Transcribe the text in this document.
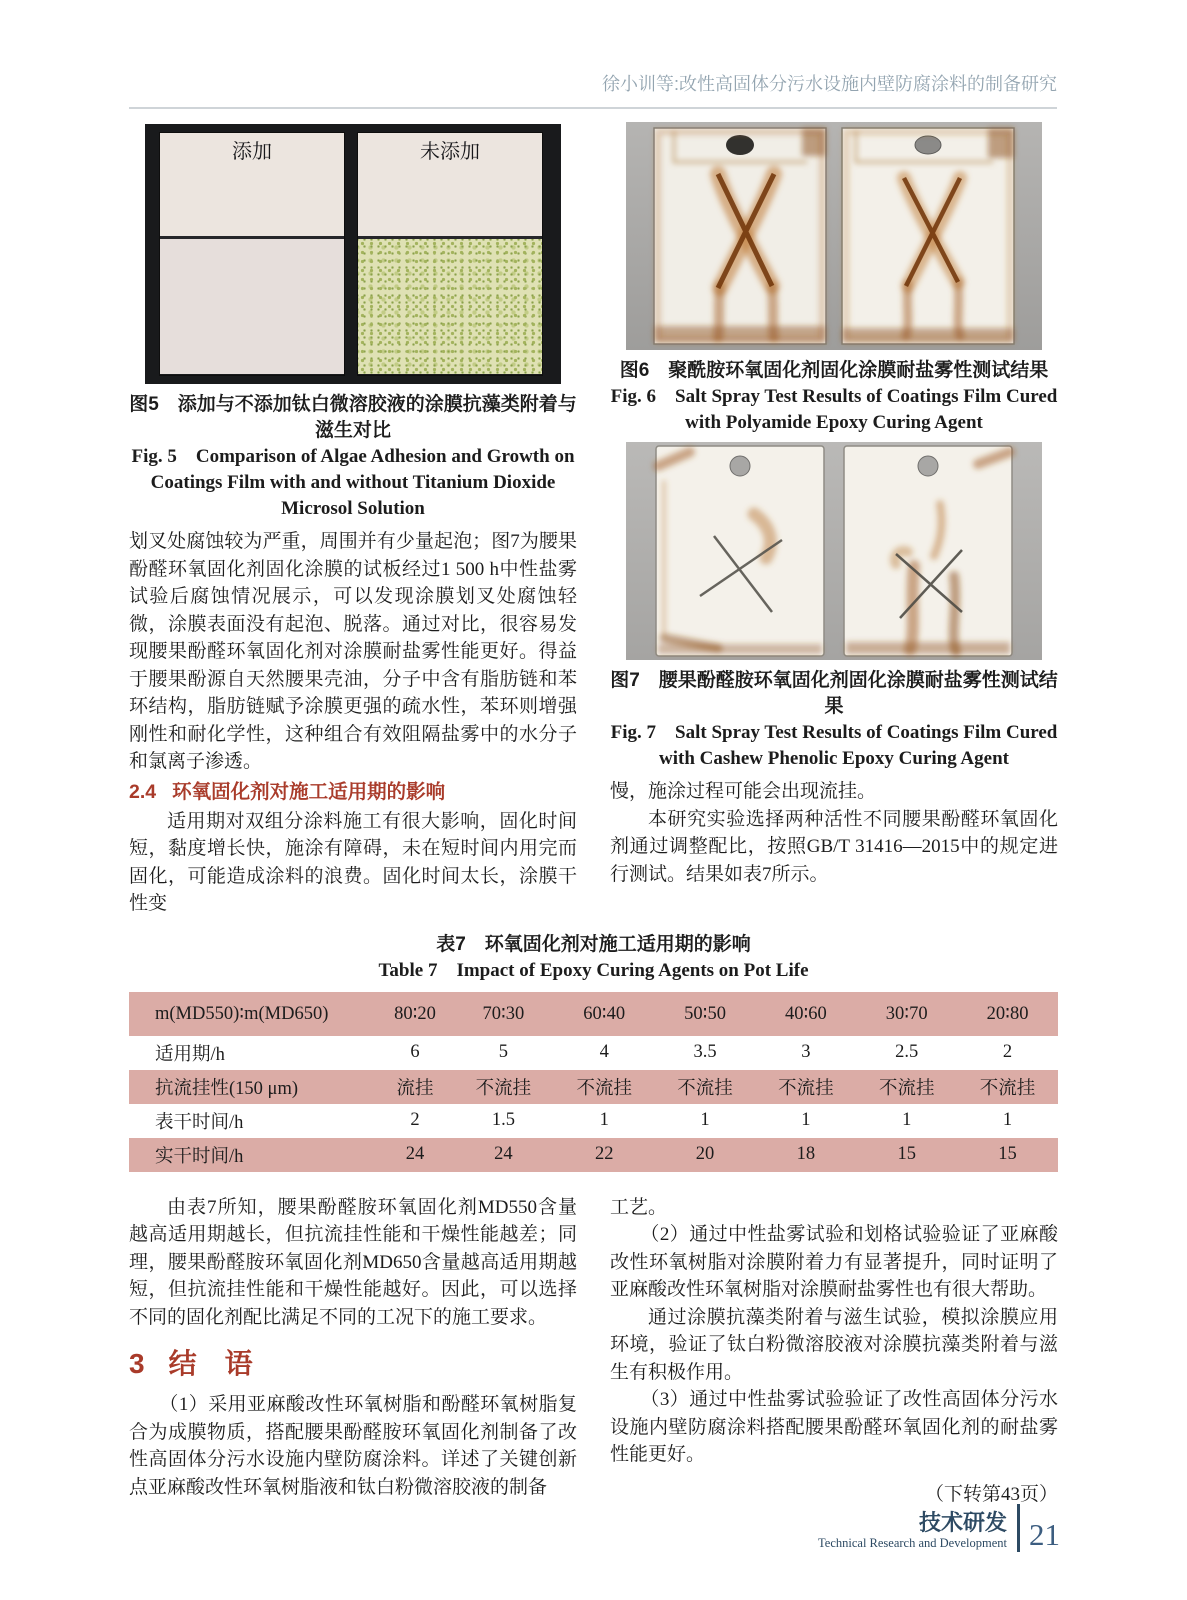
徐小训等:改性高固体分污水设施内壁防腐涂料的制备研究
添加	未添加

图5　添加与不添加钛白微溶胶液的涂膜抗藻类附着与滋生对比

Fig. 5　Comparison of Algae Adhesion and Growth on Coatings Film with and without Titanium Dioxide Microsol Solution

划叉处腐蚀较为严重，周围并有少量起泡；图7为腰果酚醛环氧固化剂固化涂膜的试板经过1 500 h中性盐雾试验后腐蚀情况展示，可以发现涂膜划叉处腐蚀轻微，涂膜表面没有起泡、脱落。通过对比，很容易发现腰果酚醛环氧固化剂对涂膜耐盐雾性能更好。得益于腰果酚源自天然腰果壳油，分子中含有脂肪链和苯环结构，脂肪链赋予涂膜更强的疏水性，苯环则增强刚性和耐化学性，这种组合有效阻隔盐雾中的水分子和氯离子渗透。

2.4 环氧固化剂对施工适用期的影响

适用期对双组分涂料施工有很大影响，固化时间短，黏度增长快，施涂有障碍，未在短时间内用完而固化，可能造成涂料的浪费。固化时间太长，涂膜干性变

图6　聚酰胺环氧固化剂固化涂膜耐盐雾性测试结果

Fig. 6　Salt Spray Test Results of Coatings Film Cured with Polyamide Epoxy Curing Agent

图7　腰果酚醛胺环氧固化剂固化涂膜耐盐雾性测试结果

Fig. 7　Salt Spray Test Results of Coatings Film Cured with Cashew Phenolic Epoxy Curing Agent

慢，施涂过程可能会出现流挂。

本研究实验选择两种活性不同腰果酚醛环氧固化剂通过调整配比，按照GB/T 31416—2015中的规定进行测试。结果如表7所示。

表7　环氧固化剂对施工适用期的影响

Table 7　Impact of Epoxy Curing Agents on Pot Life

m(MD550)∶m(MD650)	80∶20	70∶30	60∶40	50∶50	40∶60	30∶70	20∶80
适用期/h	6	5	4	3.5	3	2.5	2
抗流挂性(150 μm)	流挂	不流挂	不流挂	不流挂	不流挂	不流挂	不流挂
表干时间/h	2	1.5	1	1	1	1	1
实干时间/h	24	24	22	20	18	15	15

由表7所知，腰果酚醛胺环氧固化剂MD550含量越高适用期越长，但抗流挂性能和干燥性能越差；同理，腰果酚醛胺环氧固化剂MD650含量越高适用期越短，但抗流挂性能和干燥性能越好。因此，可以选择不同的固化剂配比满足不同的工况下的施工要求。

3 结　语

（1）采用亚麻酸改性环氧树脂和酚醛环氧树脂复合为成膜物质，搭配腰果酚醛胺环氧固化剂制备了改性高固体分污水设施内壁防腐涂料。详述了关键创新点亚麻酸改性环氧树脂液和钛白粉微溶胶液的制备

工艺。

（2）通过中性盐雾试验和划格试验验证了亚麻酸改性环氧树脂对涂膜附着力有显著提升，同时证明了亚麻酸改性环氧树脂对涂膜耐盐雾性也有很大帮助。

通过涂膜抗藻类附着与滋生试验，模拟涂膜应用环境，验证了钛白粉微溶胶液对涂膜抗藻类附着与滋生有积极作用。

（3）通过中性盐雾试验验证了改性高固体分污水设施内壁防腐涂料搭配腰果酚醛环氧固化剂的耐盐雾性能更好。

（下转第43页）

技术研发
Technical Research and Development 21
